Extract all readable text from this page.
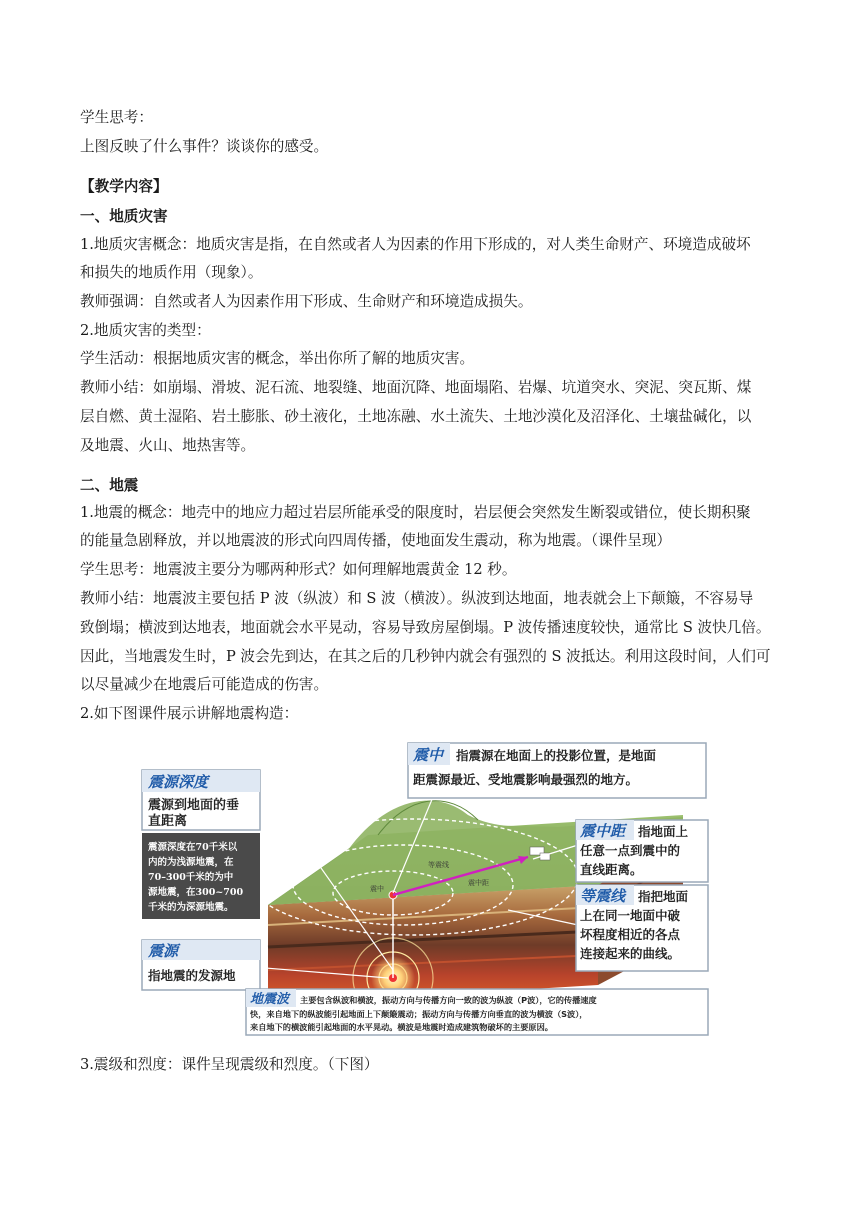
学生思考：
上图反映了什么事件？谈谈你的感受。
【教学内容】
一、地质灾害
1.地质灾害概念：地质灾害是指，在自然或者人为因素的作用下形成的，对人类生命财产、环境造成破坏
和损失的地质作用（现象）。
教师强调：自然或者人为因素作用下形成、生命财产和环境造成损失。
2.地质灾害的类型：
学生活动：根据地质灾害的概念，举出你所了解的地质灾害。
教师小结：如崩塌、滑坡、泥石流、地裂缝、地面沉降、地面塌陷、岩爆、坑道突水、突泥、突瓦斯、煤
层自燃、黄土湿陷、岩土膨胀、砂土液化，土地冻融、水土流失、土地沙漠化及沼泽化、土壤盐碱化，以
及地震、火山、地热害等。
二、地震
1.地震的概念：地壳中的地应力超过岩层所能承受的限度时，岩层便会突然发生断裂或错位，使长期积聚
的能量急剧释放，并以地震波的形式向四周传播，使地面发生震动，称为地震。（课件呈现）
学生思考：地震波主要分为哪两种形式？如何理解地震黄金 12 秒。
教师小结：地震波主要包括 P 波（纵波）和 S 波（横波）。纵波到达地面，地表就会上下颠簸，不容易导
致倒塌；横波到达地表，地面就会水平晃动，容易导致房屋倒塌。P 波传播速度较快，通常比 S 波快几倍。
因此，当地震发生时，P 波会先到达，在其之后的几秒钟内就会有强烈的 S 波抵达。利用这段时间，人们可
以尽量减少在地震后可能造成的伤害。
2.如下图课件展示讲解地震构造：
3.震级和烈度：课件呈现震级和烈度。（下图）
等震线
震中距
震中
震源深度
震源到地面的垂
直距离
震源深度在70千米以
内的为浅源地震，在
70–300千米的为中
源地震，在300~700
千米的为深源地震。
震源
指地震的发源地
震中 指震源在地面上的投影位置，是地面
距震源最近、受地震影响最强烈的地方。
震中距 指地面上
任意一点到震中的
直线距离。
等震线 指把地面
上在同一地面中破
坏程度相近的各点
连接起来的曲线。
地震波 主要包含纵波和横波，振动方向与传播方向一致的波为纵波（P波），它的传播速度
快，来自地下的纵波能引起地面上下颠簸震动；振动方向与传播方向垂直的波为横波（S波），
来自地下的横波能引起地面的水平晃动。横波是地震时造成建筑物破坏的主要原因。
